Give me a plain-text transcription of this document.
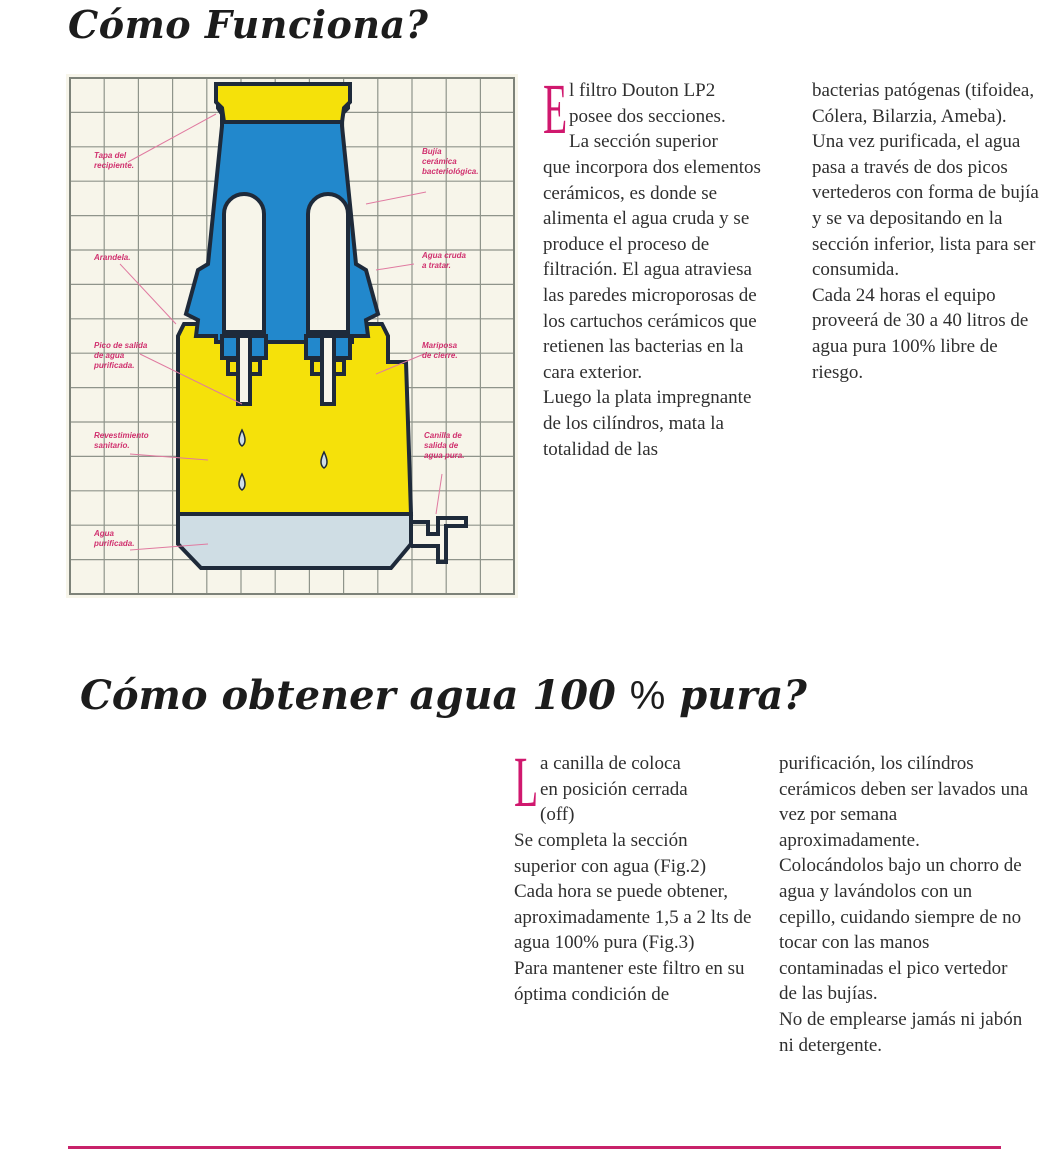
Cómo Funciona?
Tapa del recipiente.
Bujía cerámica bacteriológica.
Arandela.	Agua cruda a tratar.
Pico de salida de agua purificada.
Mariposa de cierre.
Revestimiento sanitario.
Canilla de salida de agua pura.
Agua purificada.
E l filtro Douton LP2
posee dos secciones.
La sección superior

que incorpora dos elementos cerámicos, es donde se alimenta el agua cruda y se produce el proceso de filtración. El agua atraviesa las paredes microporosas de los cartuchos cerámicos que retienen las bacterias en la cara exterior.

Luego la plata impregnante de los cilíndros, mata la totalidad de las

bacterias patógenas (tifoidea, Cólera, Bilarzia, Ameba).

Una vez purificada, el agua pasa a través de dos picos vertederos con forma de bujía y se va depositando en la sección inferior, lista para ser consumida.

Cada 24 horas el equipo proveerá de 30 a 40 litros de agua pura 100% libre de riesgo.

Cómo obtener agua 100 % pura?
L a canilla de coloca
en posición cerrada
(off)

Se completa la sección superior con agua (Fig.2)

Cada hora se puede obtener, aproximadamente 1,5 a 2 lts de agua 100% pura (Fig.3)

Para mantener este filtro en su óptima condición de

purificación, los cilíndros cerámicos deben ser lavados una vez por semana aproximadamente.

Colocándolos bajo un chorro de agua y lavándolos con un cepillo, cuidando siempre de no tocar con las manos contaminadas el pico vertedor de las bujías.

No de emplearse jamás ni jabón ni detergente.
